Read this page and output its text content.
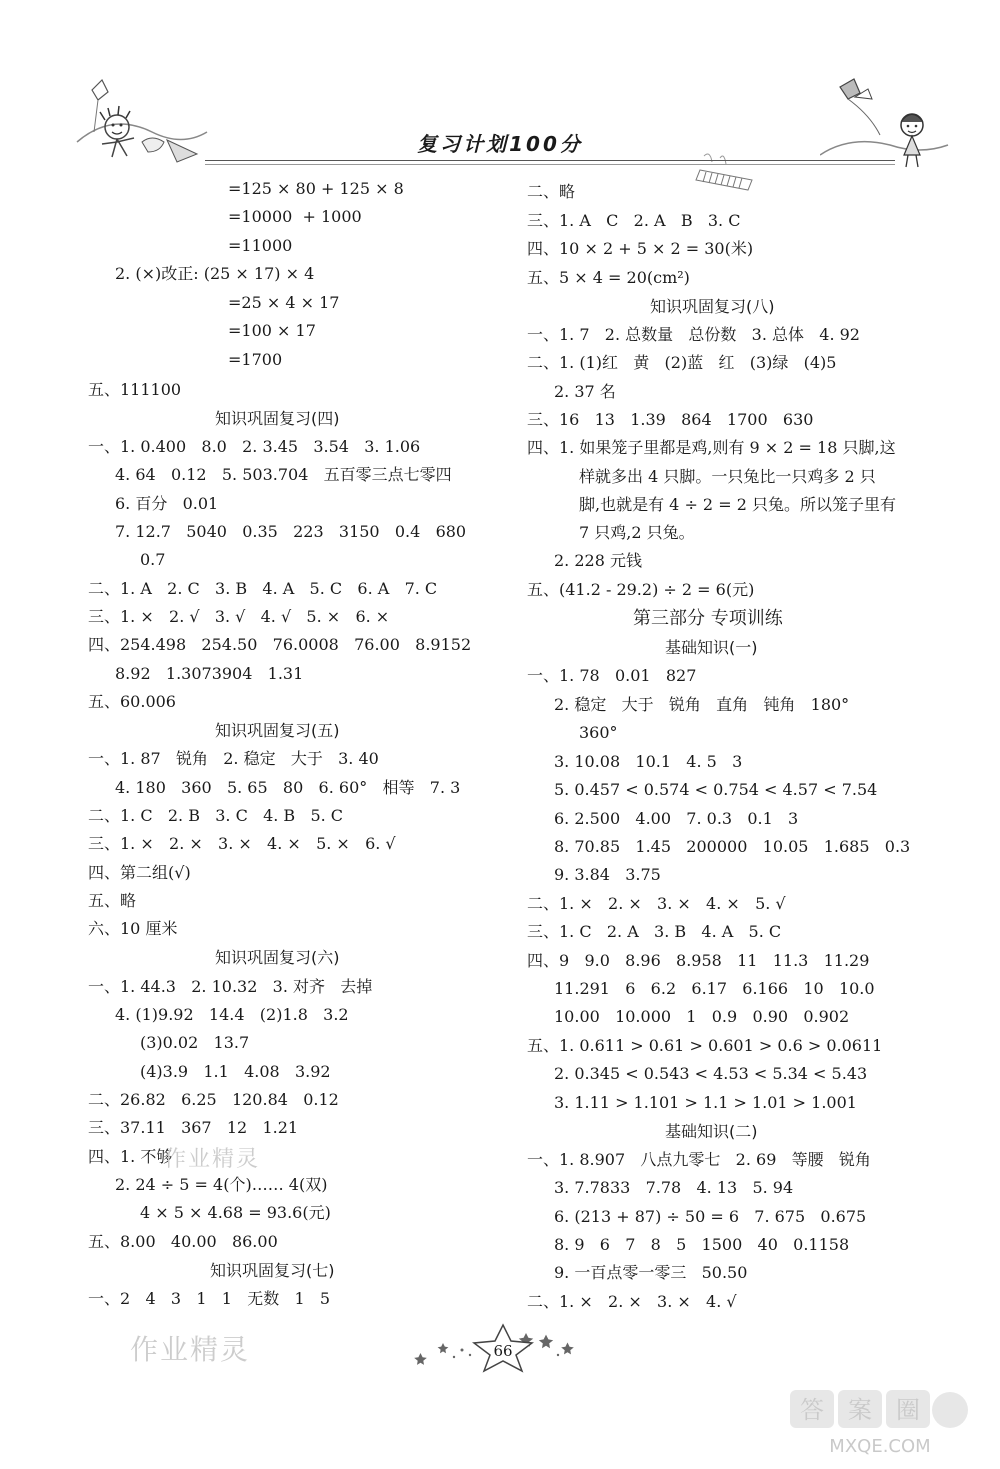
复习计划100分
=125 × 80 + 125 × 8
=10000  + 1000
=11000
2. (×)改正: (25 × 17) × 4
=25 × 4 × 17
=100 × 17
=1700
五、111100
知识巩固复习(四)
一、1. 0.400   8.0   2. 3.45   3.54   3. 1.06
4. 64   0.12   5. 503.704   五百零三点七零四
6. 百分   0.01
7. 12.7   5040   0.35   223   3150   0.4   680
0.7
二、1. A   2. C   3. B   4. A   5. C   6. A   7. C
三、1. ×   2. √   3. √   4. √   5. ×   6. ×
四、254.498   254.50   76.0008   76.00   8.9152
8.92   1.3073904   1.31
五、60.006
知识巩固复习(五)
一、1. 87   锐角   2. 稳定   大于   3. 40
4. 180   360   5. 65   80   6. 60°   相等   7. 3
二、1. C   2. B   3. C   4. B   5. C
三、1. ×   2. ×   3. ×   4. ×   5. ×   6. √
四、第二组(√)
五、略
六、10 厘米
知识巩固复习(六)
一、1. 44.3   2. 10.32   3. 对齐   去掉
4. (1)9.92   14.4   (2)1.8   3.2
(3)0.02   13.7
(4)3.9   1.1   4.08   3.92
二、26.82   6.25   120.84   0.12
三、37.11   367   12   1.21
四、1. 不够
作业精灵
2. 24 ÷ 5 = 4(个)…… 4(双)
4 × 5 × 4.68 = 93.6(元)
五、8.00   40.00   86.00
知识巩固复习(七)
一、2   4   3   1   1   无数   1   5
二、略
三、1. A   C   2. A   B   3. C
四、10 × 2 + 5 × 2 = 30(米)
五、5 × 4 = 20(cm²)
知识巩固复习(八)
一、1. 7   2. 总数量   总份数   3. 总体   4. 92
二、1. (1)红   黄   (2)蓝   红   (3)绿   (4)5
2. 37 名
三、16   13   1.39   864   1700   630
四、1. 如果笼子里都是鸡,则有 9 × 2 = 18 只脚,这
样就多出 4 只脚。一只兔比一只鸡多 2 只
脚,也就是有 4 ÷ 2 = 2 只兔。所以笼子里有
7 只鸡,2 只兔。
2. 228 元钱
五、(41.2 - 29.2) ÷ 2 = 6(元)
第三部分 专项训练
基础知识(一)
一、1. 78   0.01   827
2. 稳定   大于   锐角   直角   钝角   180°
360°
3. 10.08   10.1   4. 5   3
5. 0.457 < 0.574 < 0.754 < 4.57 < 7.54
6. 2.500   4.00   7. 0.3   0.1   3
8. 70.85   1.45   200000   10.05   1.685   0.3
9. 3.84   3.75
二、1. ×   2. ×   3. ×   4. ×   5. √
三、1. C   2. A   3. B   4. A   5. C
四、9   9.0   8.96   8.958   11   11.3   11.29
11.291   6   6.2   6.17   6.166   10   10.0
10.00   10.000   1   0.9   0.90   0.902
五、1. 0.611 > 0.61 > 0.601 > 0.6 > 0.0611
2. 0.345 < 0.543 < 4.53 < 5.34 < 5.43
3. 1.11 > 1.101 > 1.1 > 1.01 > 1.001
基础知识(二)
一、1. 8.907   八点九零七   2. 69   等腰   锐角
3. 7.7833   7.78   4. 13   5. 94
6. (213 + 87) ÷ 50 = 6   7. 675   0.675
8. 9   6   7   8   5   1500   40   0.1158
9. 一百点零一零三   50.50
二、1. ×   2. ×   3. ×   4. √
作业精灵	66
答 案 圈
MXQE.COM
